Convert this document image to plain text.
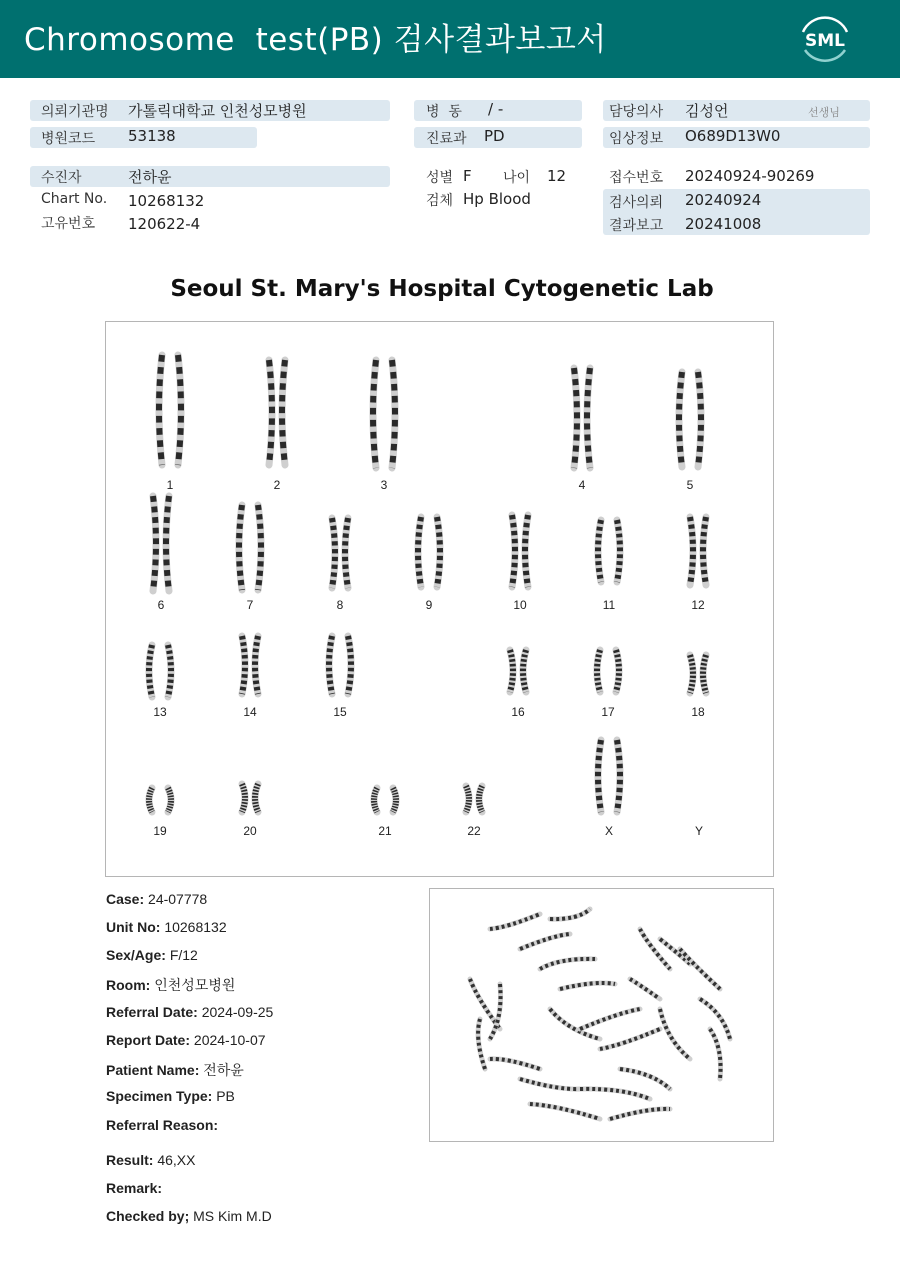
Chromosome  test(PB) 검사결과보고서	SML
의뢰기관명 가톨릭대학교 인천성모병원
병원코드 53138
수진자	전하윤
Chart No. 10268132
고유번호 120622-4
병  동 / -
진료과 PD
성별 F 나이 12
검체 Hp Blood
담당의사 김성언	선생님
임상정보 O689D13W0
접수번호 20240924-90269
검사의뢰 20240924
결과보고 20241008
Seoul St. Mary's Hospital Cytogenetic Lab
1	2	3	4	5
6	7	8	9	10	11	12
13	14	15	16	17	18
19	20	21	22	X	Y
Case: 24-07778
Unit No: 10268132
Sex/Age: F/12
Room: 인천성모병원
Referral Date: 2024-09-25
Report Date: 2024-10-07
Patient Name: 전하윤
Specimen Type: PB
Referral Reason:
Result: 46,XX
Remark:
Checked by; MS Kim M.D
